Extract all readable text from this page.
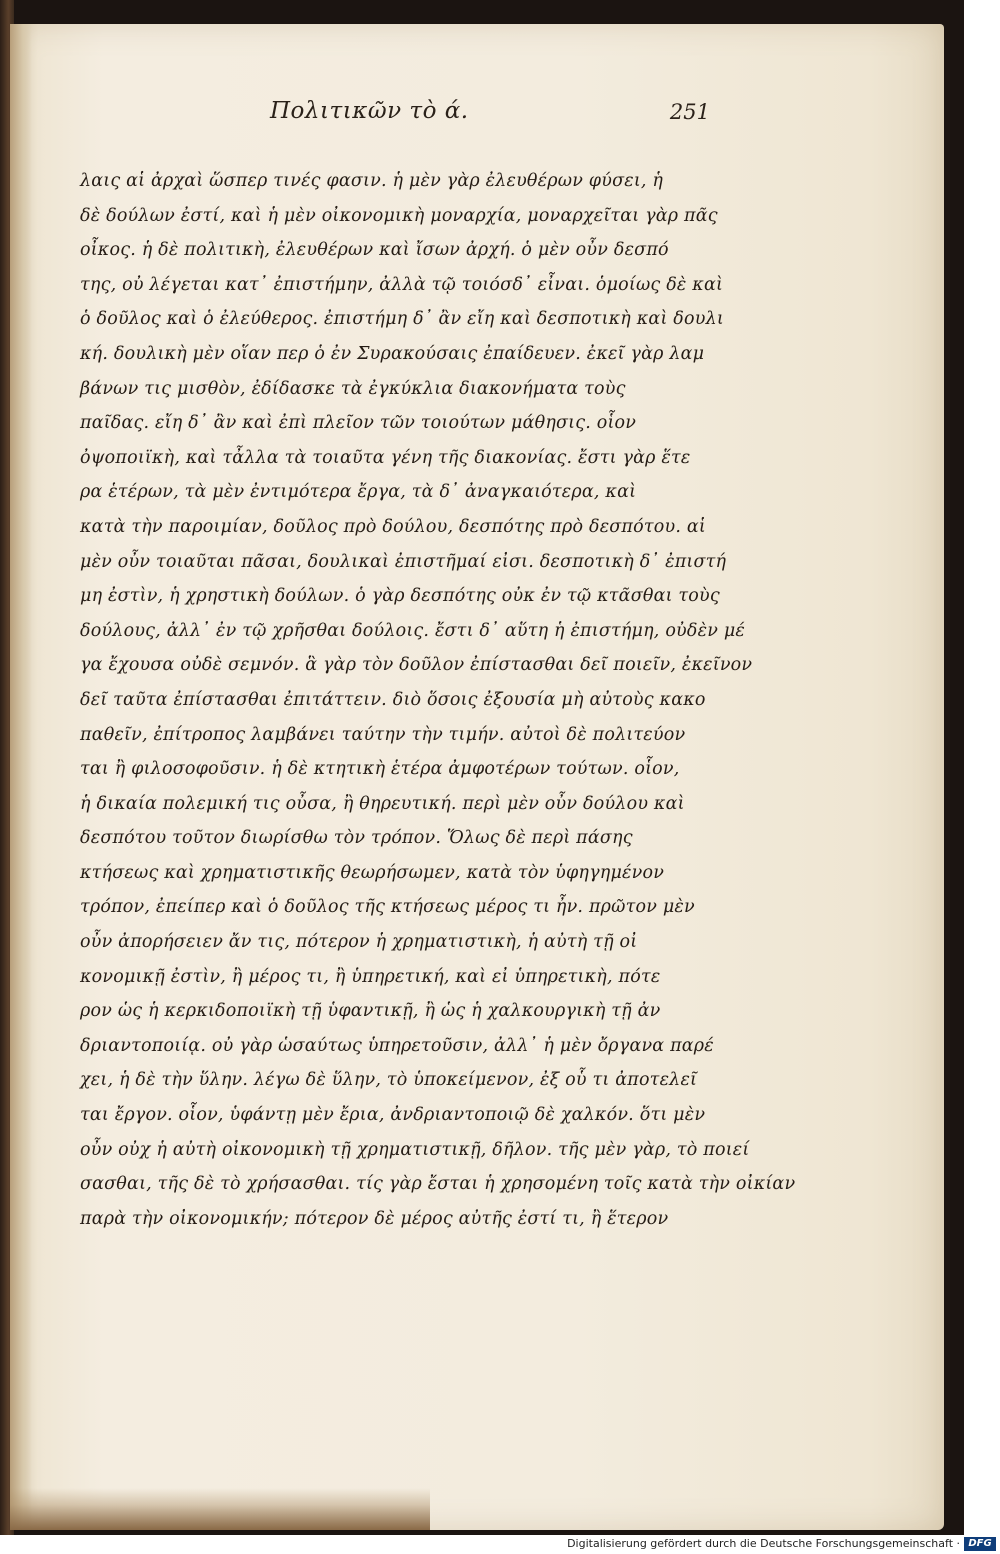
Πολιτικῶν τὸ ά.	251
λαις αἱ ἀρχαὶ ὥσπερ τινές φασιν. ἡ μὲν γὰρ ἐλευθέρων φύσει, ἡ
δὲ δούλων ἐστί, καὶ ἡ μὲν οἰκονομικὴ μοναρχία, μοναρχεῖται γὰρ πᾶς
οἶκος. ἡ δὲ πολιτικὴ, ἐλευθέρων καὶ ἴσων ἀρχή. ὁ μὲν οὖν δεσπό
της, οὐ λέγεται κατ᾽ ἐπιστήμην, ἀλλὰ τῷ τοιόσδ᾽ εἶναι. ὁμοίως δὲ καὶ
ὁ δοῦλος καὶ ὁ ἐλεύθερος. ἐπιστήμη δ᾽ ἂν εἴη καὶ δεσποτικὴ καὶ δουλι
κή. δουλικὴ μὲν οἵαν περ ὁ ἐν Συρακούσαις ἐπαίδευεν. ἐκεῖ γὰρ λαμ
βάνων τις μισθὸν, ἐδίδασκε τὰ ἐγκύκλια διακονήματα τοὺς
παῖδας. εἴη δ᾽ ἂν καὶ ἐπὶ πλεῖον τῶν τοιούτων μάθησις. οἷον
ὀψοποιϊκὴ, καὶ τἆλλα τὰ τοιαῦτα γένη τῆς διακονίας. ἔστι γὰρ ἕτε
ρα ἑτέρων, τὰ μὲν ἐντιμότερα ἔργα, τὰ δ᾽ ἀναγκαιότερα, καὶ
κατὰ τὴν παροιμίαν, δοῦλος πρὸ δούλου, δεσπότης πρὸ δεσπότου. αἱ
μὲν οὖν τοιαῦται πᾶσαι, δουλικαὶ ἐπιστῆμαί εἰσι. δεσποτικὴ δ᾽ ἐπιστή
μη ἐστὶν, ἡ χρηστικὴ δούλων. ὁ γὰρ δεσπότης οὐκ ἐν τῷ κτᾶσθαι τοὺς
δούλους, ἀλλ᾽ ἐν τῷ χρῆσθαι δούλοις. ἔστι δ᾽ αὕτη ἡ ἐπιστήμη, οὐδὲν μέ
γα ἔχουσα οὐδὲ σεμνόν. ἃ γὰρ τὸν δοῦλον ἐπίστασθαι δεῖ ποιεῖν, ἐκεῖνον
δεῖ ταῦτα ἐπίστασθαι ἐπιτάττειν. διὸ ὅσοις ἐξουσία μὴ αὐτοὺς κακο
παθεῖν, ἐπίτροπος λαμβάνει ταύτην τὴν τιμήν. αὐτοὶ δὲ πολιτεύον
ται ἢ φιλοσοφοῦσιν. ἡ δὲ κτητικὴ ἑτέρα ἀμφοτέρων τούτων. οἷον,
ἡ δικαία πολεμική τις οὖσα, ἢ θηρευτική. περὶ μὲν οὖν δούλου καὶ
δεσπότου τοῦτον διωρίσθω τὸν τρόπον. Ὅλως δὲ περὶ πάσης
κτήσεως καὶ χρηματιστικῆς θεωρήσωμεν, κατὰ τὸν ὑφηγημένον
τρόπον, ἐπείπερ καὶ ὁ δοῦλος τῆς κτήσεως μέρος τι ἦν. πρῶτον μὲν
οὖν ἀπορήσειεν ἄν τις, πότερον ἡ χρηματιστικὴ, ἡ αὐτὴ τῇ οἰ
κονομικῇ ἐστὶν, ἢ μέρος τι, ἢ ὑπηρετική, καὶ εἰ ὑπηρετικὴ, πότε
ρον ὡς ἡ κερκιδοποιϊκὴ τῇ ὑφαντικῇ, ἢ ὡς ἡ χαλκουργικὴ τῇ ἀν
δριαντοποιίᾳ. οὐ γὰρ ὡσαύτως ὑπηρετοῦσιν, ἀλλ᾽ ἡ μὲν ὄργανα παρέ
χει, ἡ δὲ τὴν ὕλην. λέγω δὲ ὕλην, τὸ ὑποκείμενον, ἐξ οὗ τι ἀποτελεῖ
ται ἔργον. οἷον, ὑφάντῃ μὲν ἔρια, ἀνδριαντοποιῷ δὲ χαλκόν. ὅτι μὲν
οὖν οὐχ ἡ αὐτὴ οἰκονομικὴ τῇ χρηματιστικῇ, δῆλον. τῆς μὲν γὰρ, τὸ ποιεί
σασθαι, τῆς δὲ τὸ χρήσασθαι. τίς γὰρ ἔσται ἡ χρησομένη τοῖς κατὰ τὴν οἰκίαν
παρὰ τὴν οἰκονομικήν; πότερον δὲ μέρος αὐτῆς ἐστί τι, ἢ ἕτερον
Digitalisierung gefördert durch die Deutsche Forschungsgemeinschaft · DFG
